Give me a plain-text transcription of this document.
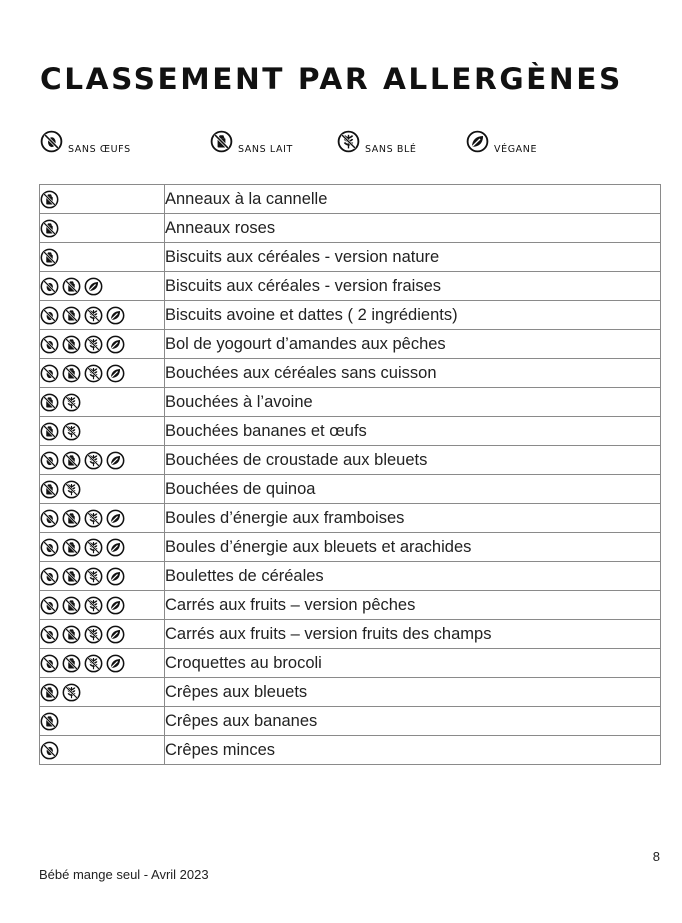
CLASSEMENT PAR ALLERGÈNES
SANS ŒUFS	SANS LAIT	SANS BLÉ	VÉGANE
	Anneaux à la cannelle

	Anneaux roses

	Biscuits aux céréales - version nature

	Biscuits aux céréales - version fraises

	Biscuits avoine et dattes ( 2 ingrédients)

	Bol de yogourt d’amandes aux pêches

	Bouchées aux céréales sans cuisson

	Bouchées à l’avoine

	Bouchées bananes et œufs

	Bouchées de croustade aux bleuets

	Bouchées de quinoa

	Boules d’énergie aux framboises

	Boules d’énergie aux bleuets et arachides

	Boulettes de céréales

	Carrés aux fruits – version pêches

	Carrés aux fruits – version fruits des champs

	Croquettes au brocoli

	Crêpes aux bleuets

	Crêpes aux bananes

	Crêpes minces
8
Bébé mange seul - Avril 2023
